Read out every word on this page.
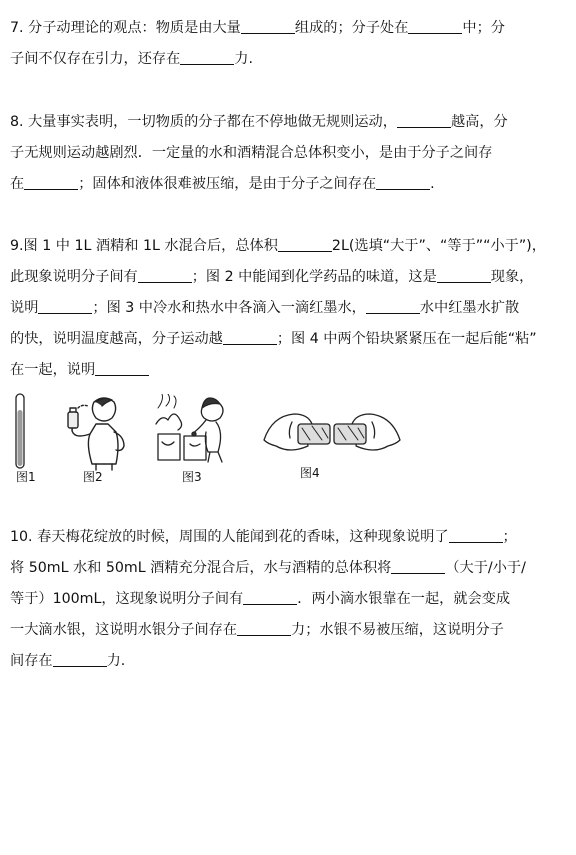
7. 分子动理论的观点：物质是由大量	组成的；分子处在	中；分
子间不仅存在引力，还存在	力.
8. 大量事实表明，一切物质的分子都在不停地做无规则运动，	越高，分
子无规则运动越剧烈．一定量的水和酒精混合总体积变小，是由于分子之间存
在	；固体和液体很难被压缩，是由于分子之间存在	.
9.图 1 中 1L 酒精和 1L 水混合后，总体积	2L(选填“大于”、“等于”“小于”)，
此现象说明分子间有	；图 2 中能闻到化学药品的味道，这是	现象，
说明	；图 3 中冷水和热水中各滴入一滴红墨水，	水中红墨水扩散
的快，说明温度越高，分子运动越	；图 4 中两个铅块紧紧压在一起后能“粘”
在一起，说明
图1	图2	图3	图4
10. 春天梅花绽放的时候，周围的人能闻到花的香味，这种现象说明了	；
将 50mL 水和 50mL 酒精充分混合后，水与酒精的总体积将	（大于/小于/
等于）100mL，这现象说明分子间有	．两小滴水银靠在一起，就会变成
一大滴水银，这说明水银分子间存在	力；水银不易被压缩，这说明分子
间存在	力.
